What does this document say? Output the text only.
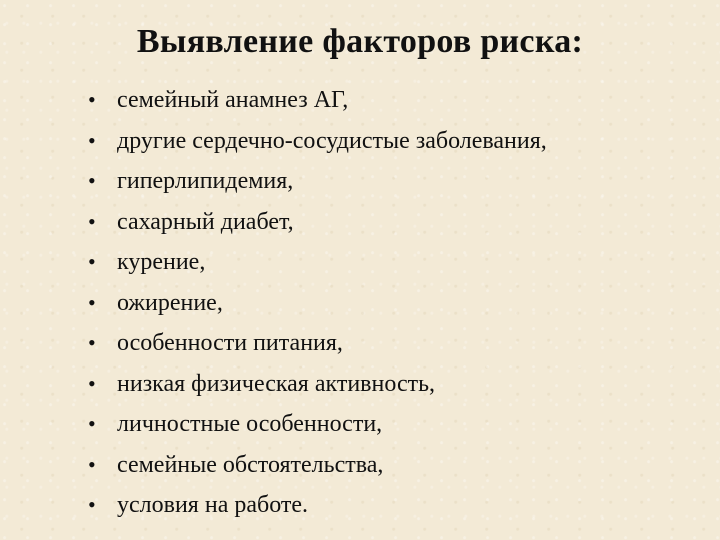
Выявление факторов риска:
• семейный анамнез АГ,
• другие сердечно-сосудистые заболевания,
• гиперлипидемия,
• сахарный диабет,
• курение,
• ожирение,
• особенности питания,
• низкая физическая активность,
• личностные особенности,
• семейные обстоятельства,
• условия на работе.
